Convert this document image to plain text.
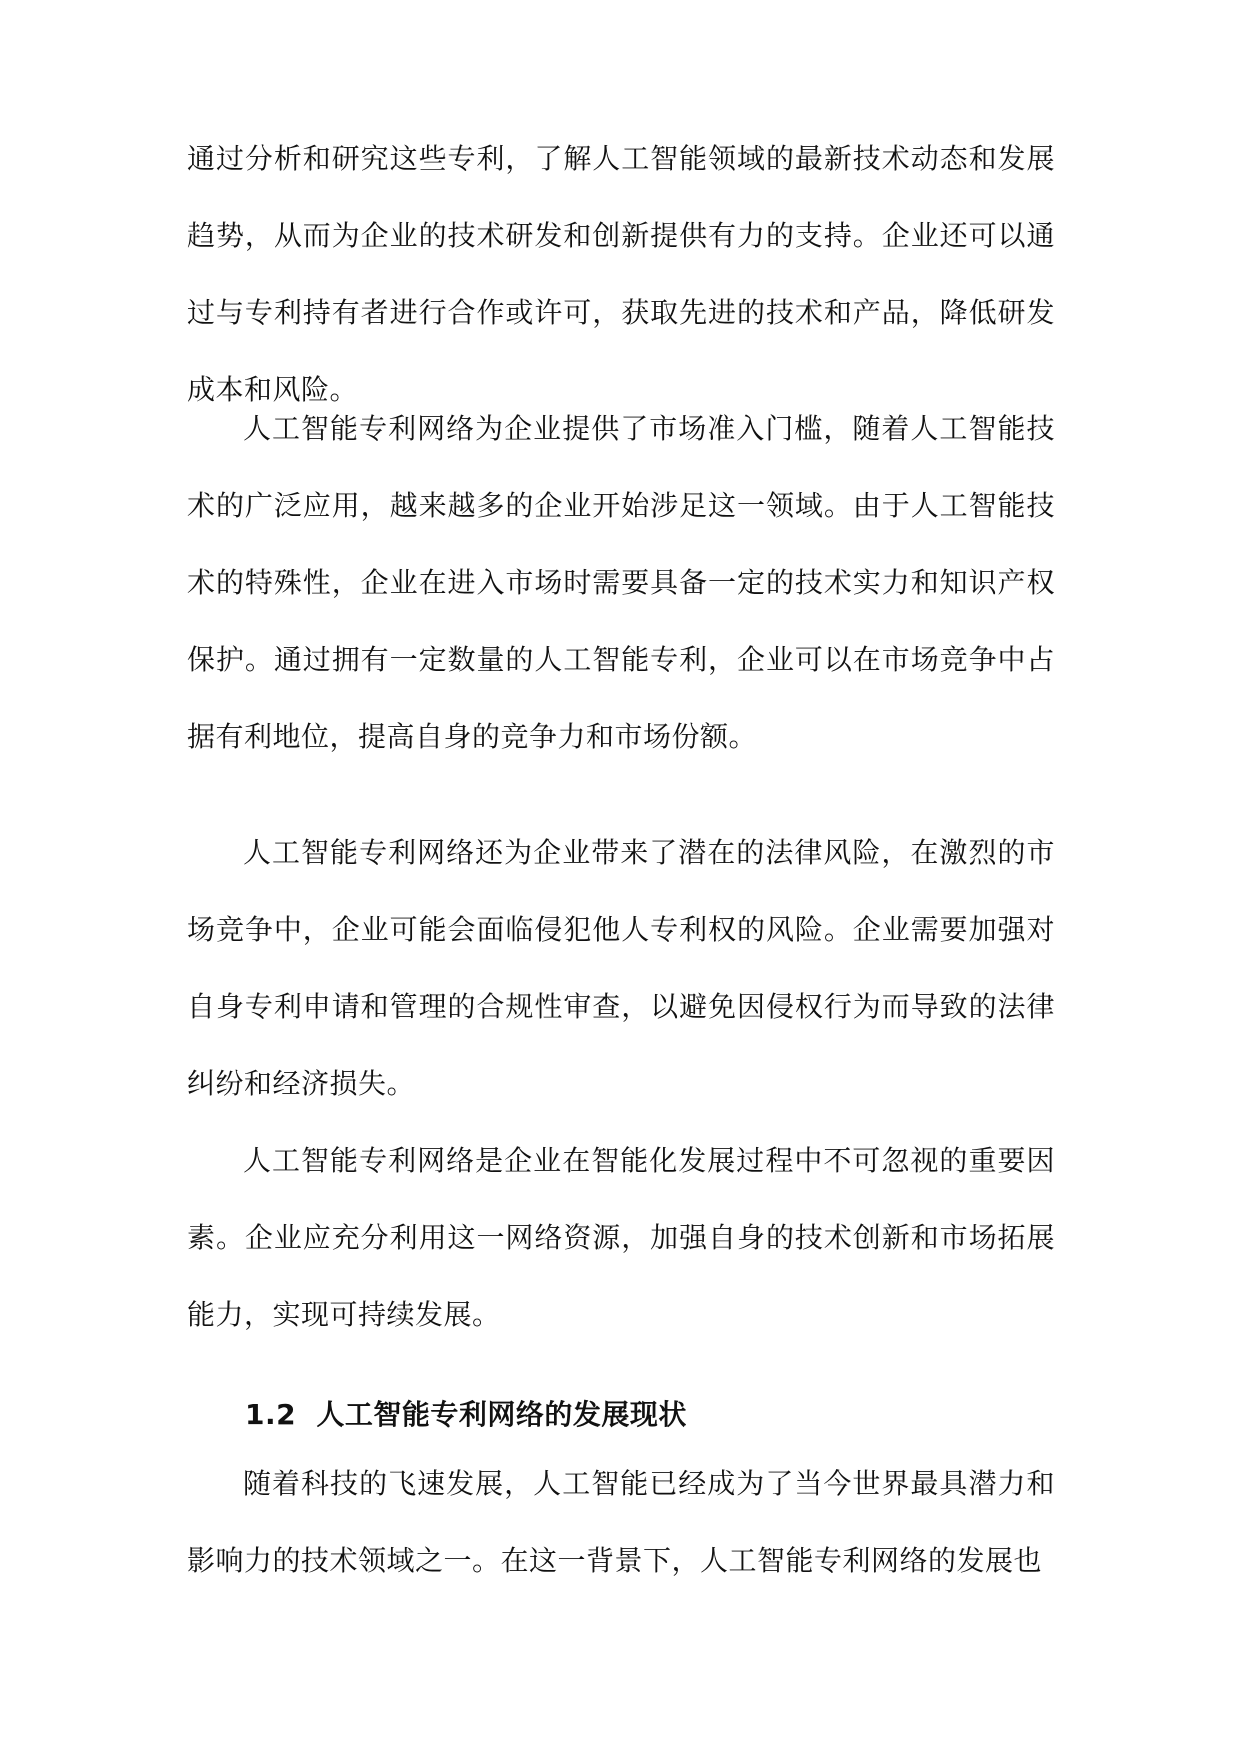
通过分析和研究这些专利，了解人工智能领域的最新技术动态和发展趋势，从而为企业的技术研发和创新提供有力的支持。企业还可以通过与专利持有者进行合作或许可，获取先进的技术和产品，降低研发成本和风险。

人工智能专利网络为企业提供了市场准入门槛，随着人工智能技术的广泛应用，越来越多的企业开始涉足这一领域。由于人工智能技术的特殊性，企业在进入市场时需要具备一定的技术实力和知识产权保护。通过拥有一定数量的人工智能专利，企业可以在市场竞争中占据有利地位，提高自身的竞争力和市场份额。

人工智能专利网络还为企业带来了潜在的法律风险，在激烈的市场竞争中，企业可能会面临侵犯他人专利权的风险。企业需要加强对自身专利申请和管理的合规性审查，以避免因侵权行为而导致的法律纠纷和经济损失。

人工智能专利网络是企业在智能化发展过程中不可忽视的重要因素。企业应充分利用这一网络资源，加强自身的技术创新和市场拓展能力，实现可持续发展。

1.2 人工智能专利网络的发展现状

随着科技的飞速发展，人工智能已经成为了当今世界最具潜力和影响力的技术领域之一。在这一背景下，人工智能专利网络的发展也
